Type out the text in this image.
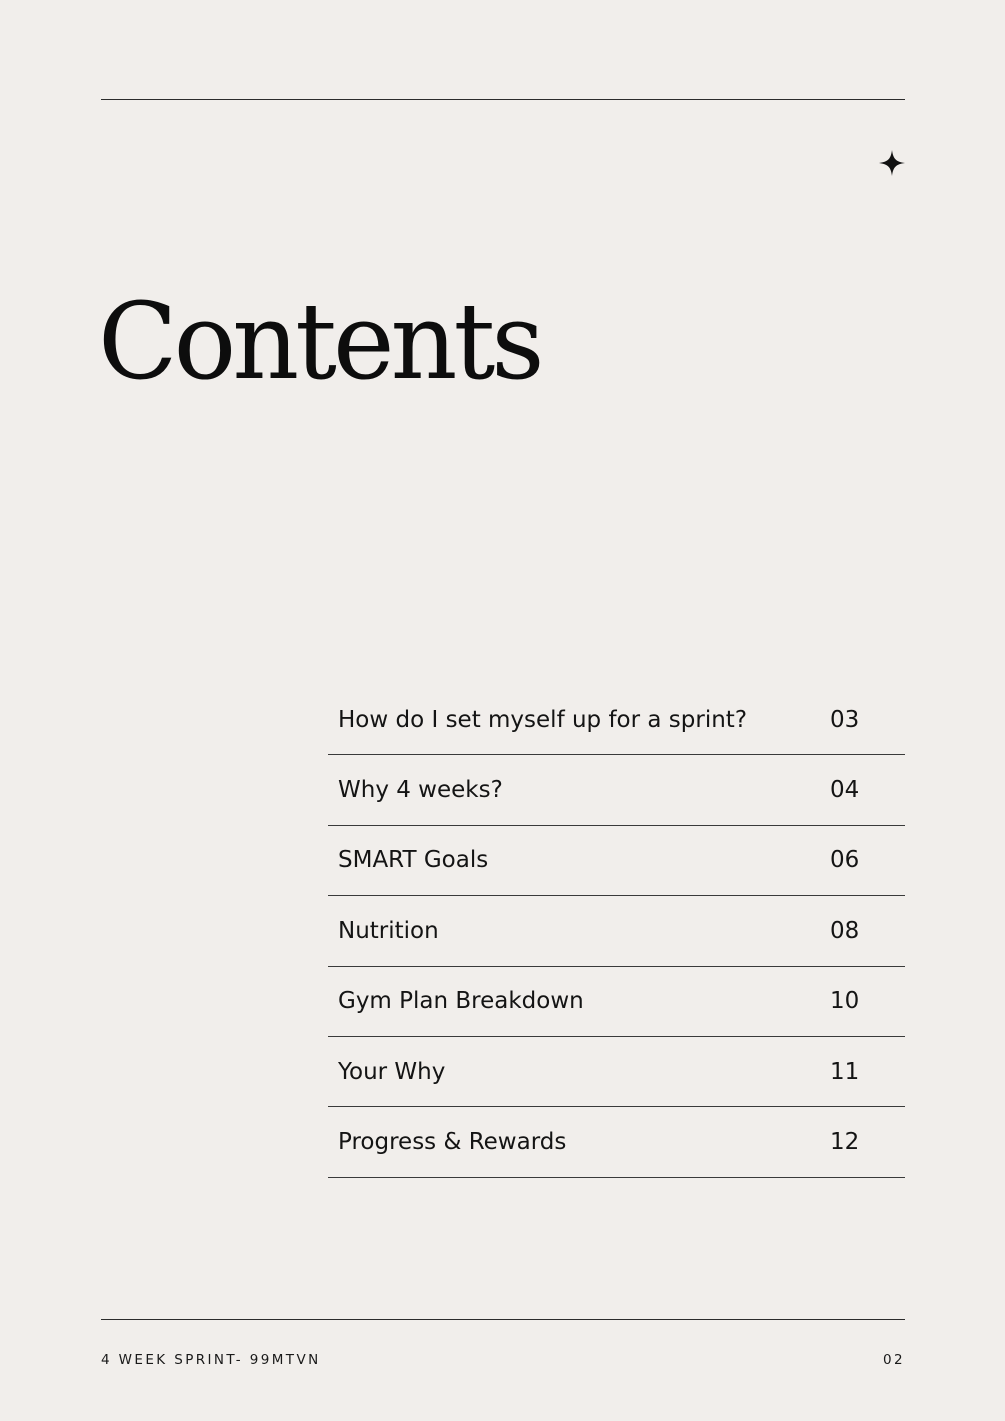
Contents
How do I set myself up for a sprint?	03
Why 4 weeks?	04
SMART Goals	06
Nutrition	08
Gym Plan Breakdown	10
Your Why	11
Progress & Rewards	12
4 WEEK SPRINT- 99MTVN	02
